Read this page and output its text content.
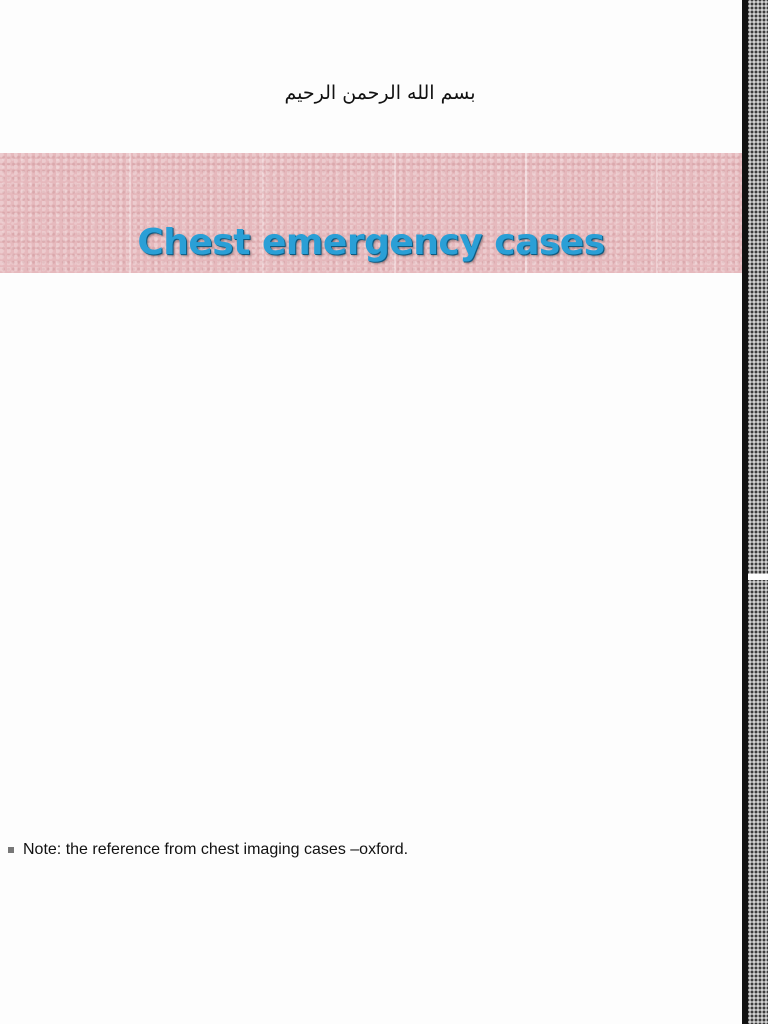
بسم الله الرحمن الرحيم
Chest emergency cases
Note: the reference from chest imaging cases –oxford.
